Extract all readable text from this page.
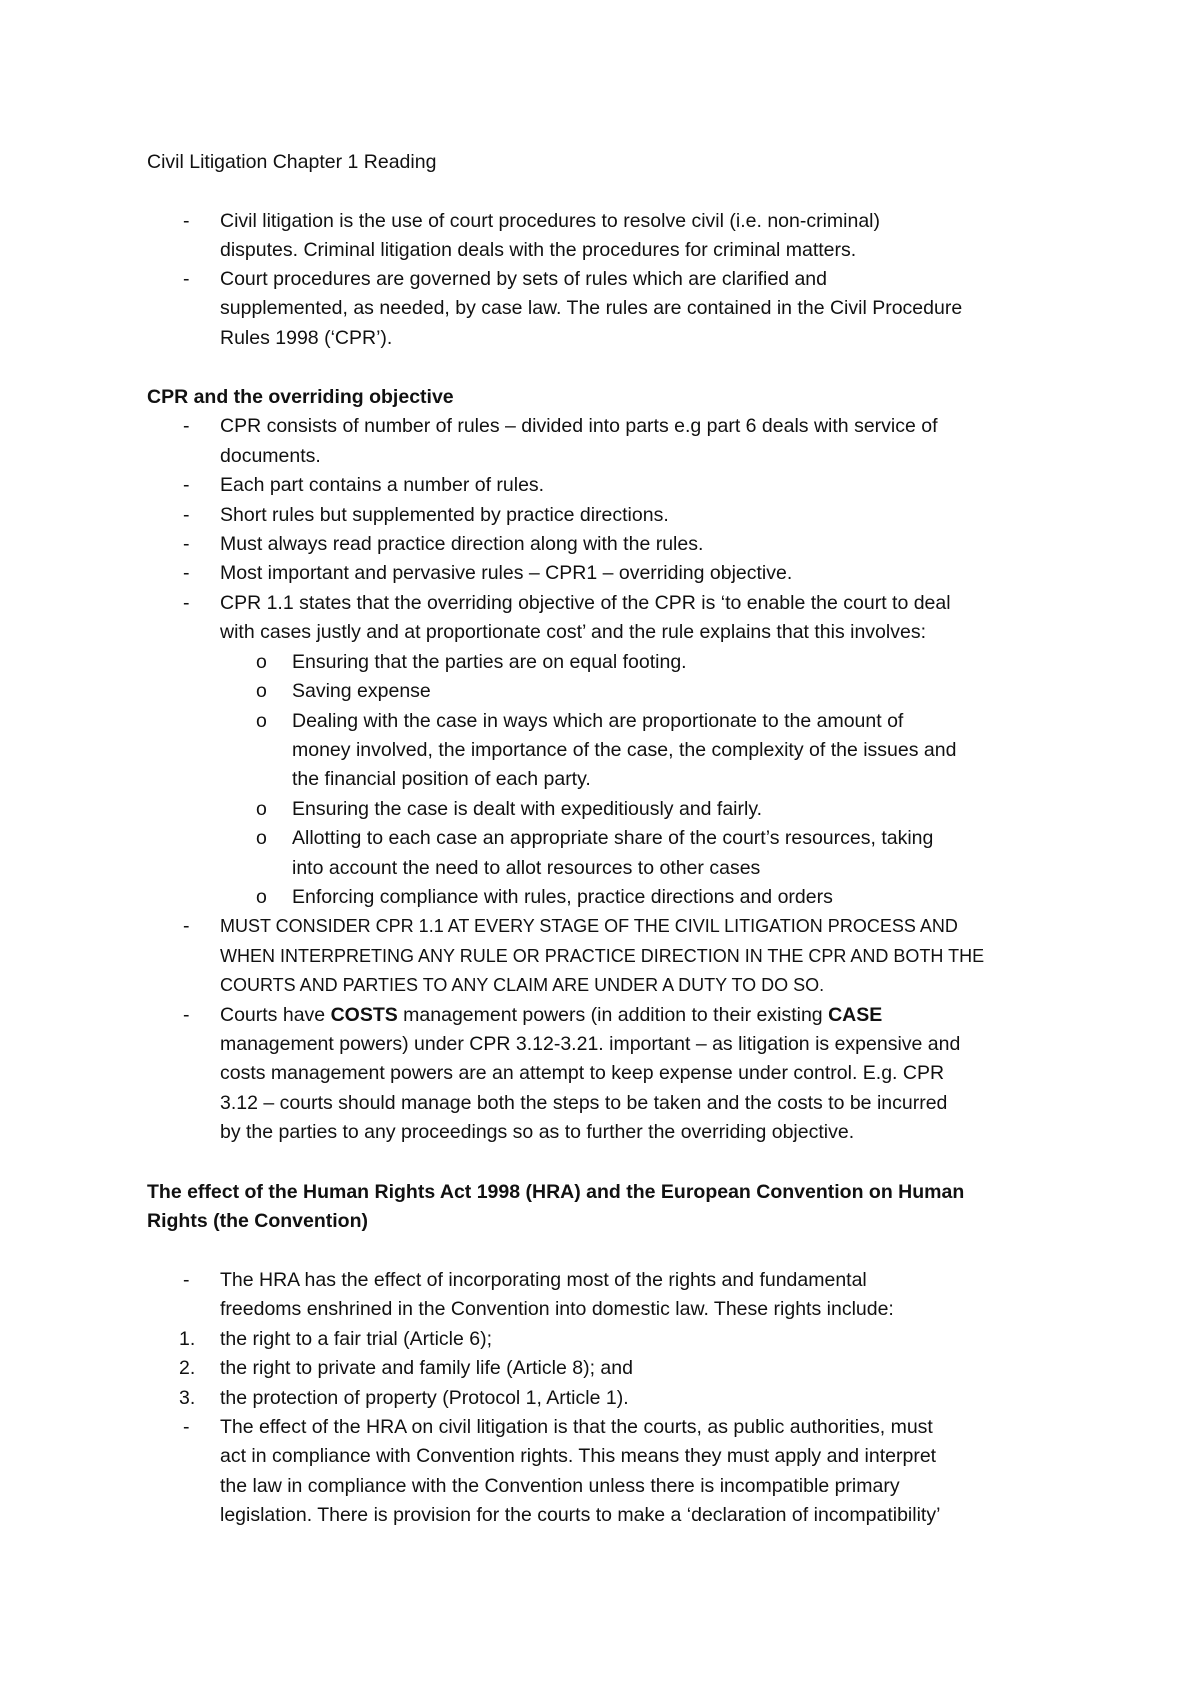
Civil Litigation Chapter 1 Reading
- Civil litigation is the use of court procedures to resolve civil (i.e. non-criminal)
disputes. Criminal litigation deals with the procedures for criminal matters.
- Court procedures are governed by sets of rules which are clarified and
supplemented, as needed, by case law. The rules are contained in the Civil Procedure
Rules 1998 (‘CPR’).
CPR and the overriding objective
- CPR consists of number of rules – divided into parts e.g part 6 deals with service of
documents.
- Each part contains a number of rules.
- Short rules but supplemented by practice directions.
- Must always read practice direction along with the rules.
- Most important and pervasive rules – CPR1 – overriding objective.
- CPR 1.1 states that the overriding objective of the CPR is ‘to enable the court to deal
with cases justly and at proportionate cost’ and the rule explains that this involves:
o Ensuring that the parties are on equal footing.
o Saving expense
o Dealing with the case in ways which are proportionate to the amount of
money involved, the importance of the case, the complexity of the issues and
the financial position of each party.
o Ensuring the case is dealt with expeditiously and fairly.
o Allotting to each case an appropriate share of the court’s resources, taking
into account the need to allot resources to other cases
o Enforcing compliance with rules, practice directions and orders
- MUST CONSIDER CPR 1.1 AT EVERY STAGE OF THE CIVIL LITIGATION PROCESS AND
WHEN INTERPRETING ANY RULE OR PRACTICE DIRECTION IN THE CPR AND BOTH THE
COURTS AND PARTIES TO ANY CLAIM ARE UNDER A DUTY TO DO SO.
- Courts have COSTS management powers (in addition to their existing CASE
management powers) under CPR 3.12-3.21. important – as litigation is expensive and
costs management powers are an attempt to keep expense under control. E.g. CPR
3.12 – courts should manage both the steps to be taken and the costs to be incurred
by the parties to any proceedings so as to further the overriding objective.
The effect of the Human Rights Act 1998 (HRA) and the European Convention on Human
Rights (the Convention)
- The HRA has the effect of incorporating most of the rights and fundamental
freedoms enshrined in the Convention into domestic law. These rights include:
1. the right to a fair trial (Article 6);
2. the right to private and family life (Article 8); and
3. the protection of property (Protocol 1, Article 1).
- The effect of the HRA on civil litigation is that the courts, as public authorities, must
act in compliance with Convention rights. This means they must apply and interpret
the law in compliance with the Convention unless there is incompatible primary
legislation. There is provision for the courts to make a ‘declaration of incompatibility’
